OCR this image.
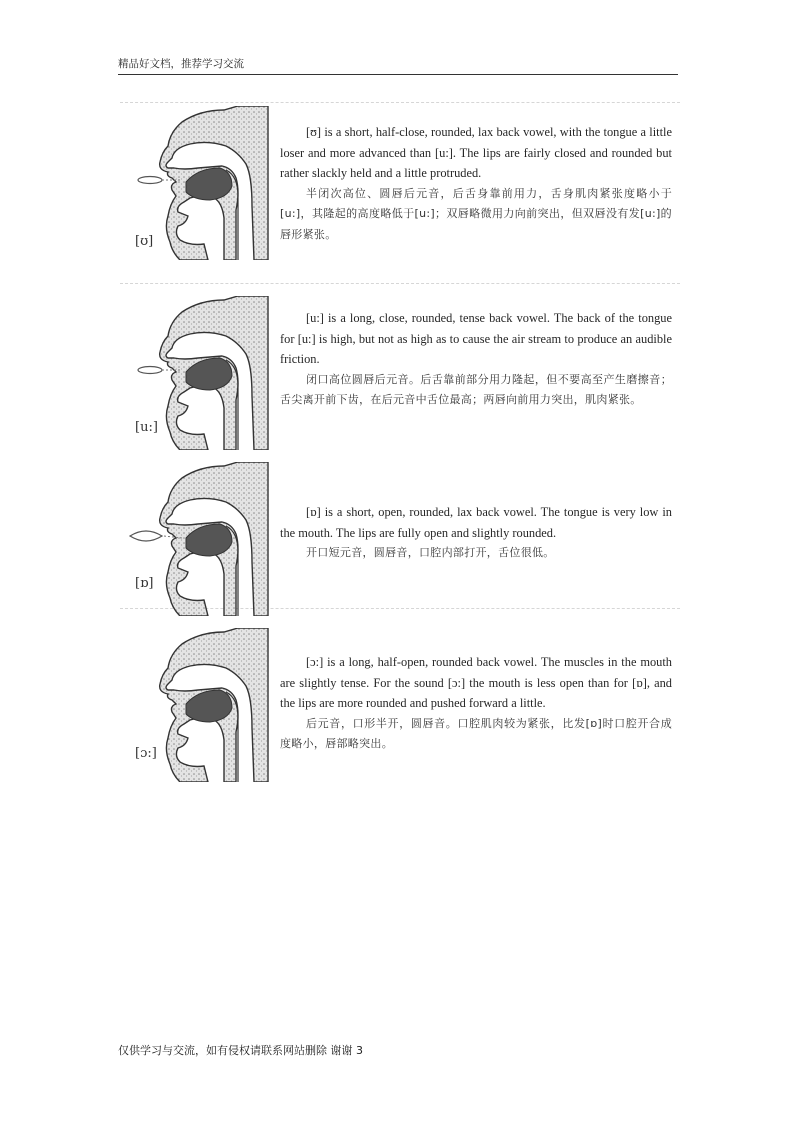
精品好文档，推荐学习交流
[ʊ]

[ʊ] is a short, half-close, rounded, lax back vowel, with the tongue a little loser and more advanced than [u:]. The lips are fairly closed and rounded but rather slackly held and a little protruded.

半闭次高位、圆唇后元音，后舌身靠前用力，舌身肌肉紧张度略小于[u:]，其隆起的高度略低于[u:]；双唇略微用力向前突出，但双唇没有发[u:]的唇形紧张。

[u:]

[u:] is a long, close, rounded, tense back vowel. The back of the tongue for [u:] is high, but not as high as to cause the air stream to produce an audible friction.

闭口高位圆唇后元音。后舌靠前部分用力隆起，但不要高至产生磨擦音；舌尖离开前下齿，在后元音中舌位最高；两唇向前用力突出，肌肉紧张。

[ɒ]

[ɒ] is a short, open, rounded, lax back vowel. The tongue is very low in the mouth. The lips are fully open and slightly rounded.

开口短元音，圆唇音，口腔内部打开，舌位很低。

[ɔ:]

[ɔ:] is a long, half-open, rounded back vowel. The muscles in the mouth are slightly tense. For the sound [ɔ:] the mouth is less open than for [ɒ], and the lips are more rounded and pushed forward a little.

后元音，口形半开，圆唇音。口腔肌肉较为紧张，比发[ɒ]时口腔开合成度略小，唇部略突出。

仅供学习与交流，如有侵权请联系网站删除 谢谢 3
